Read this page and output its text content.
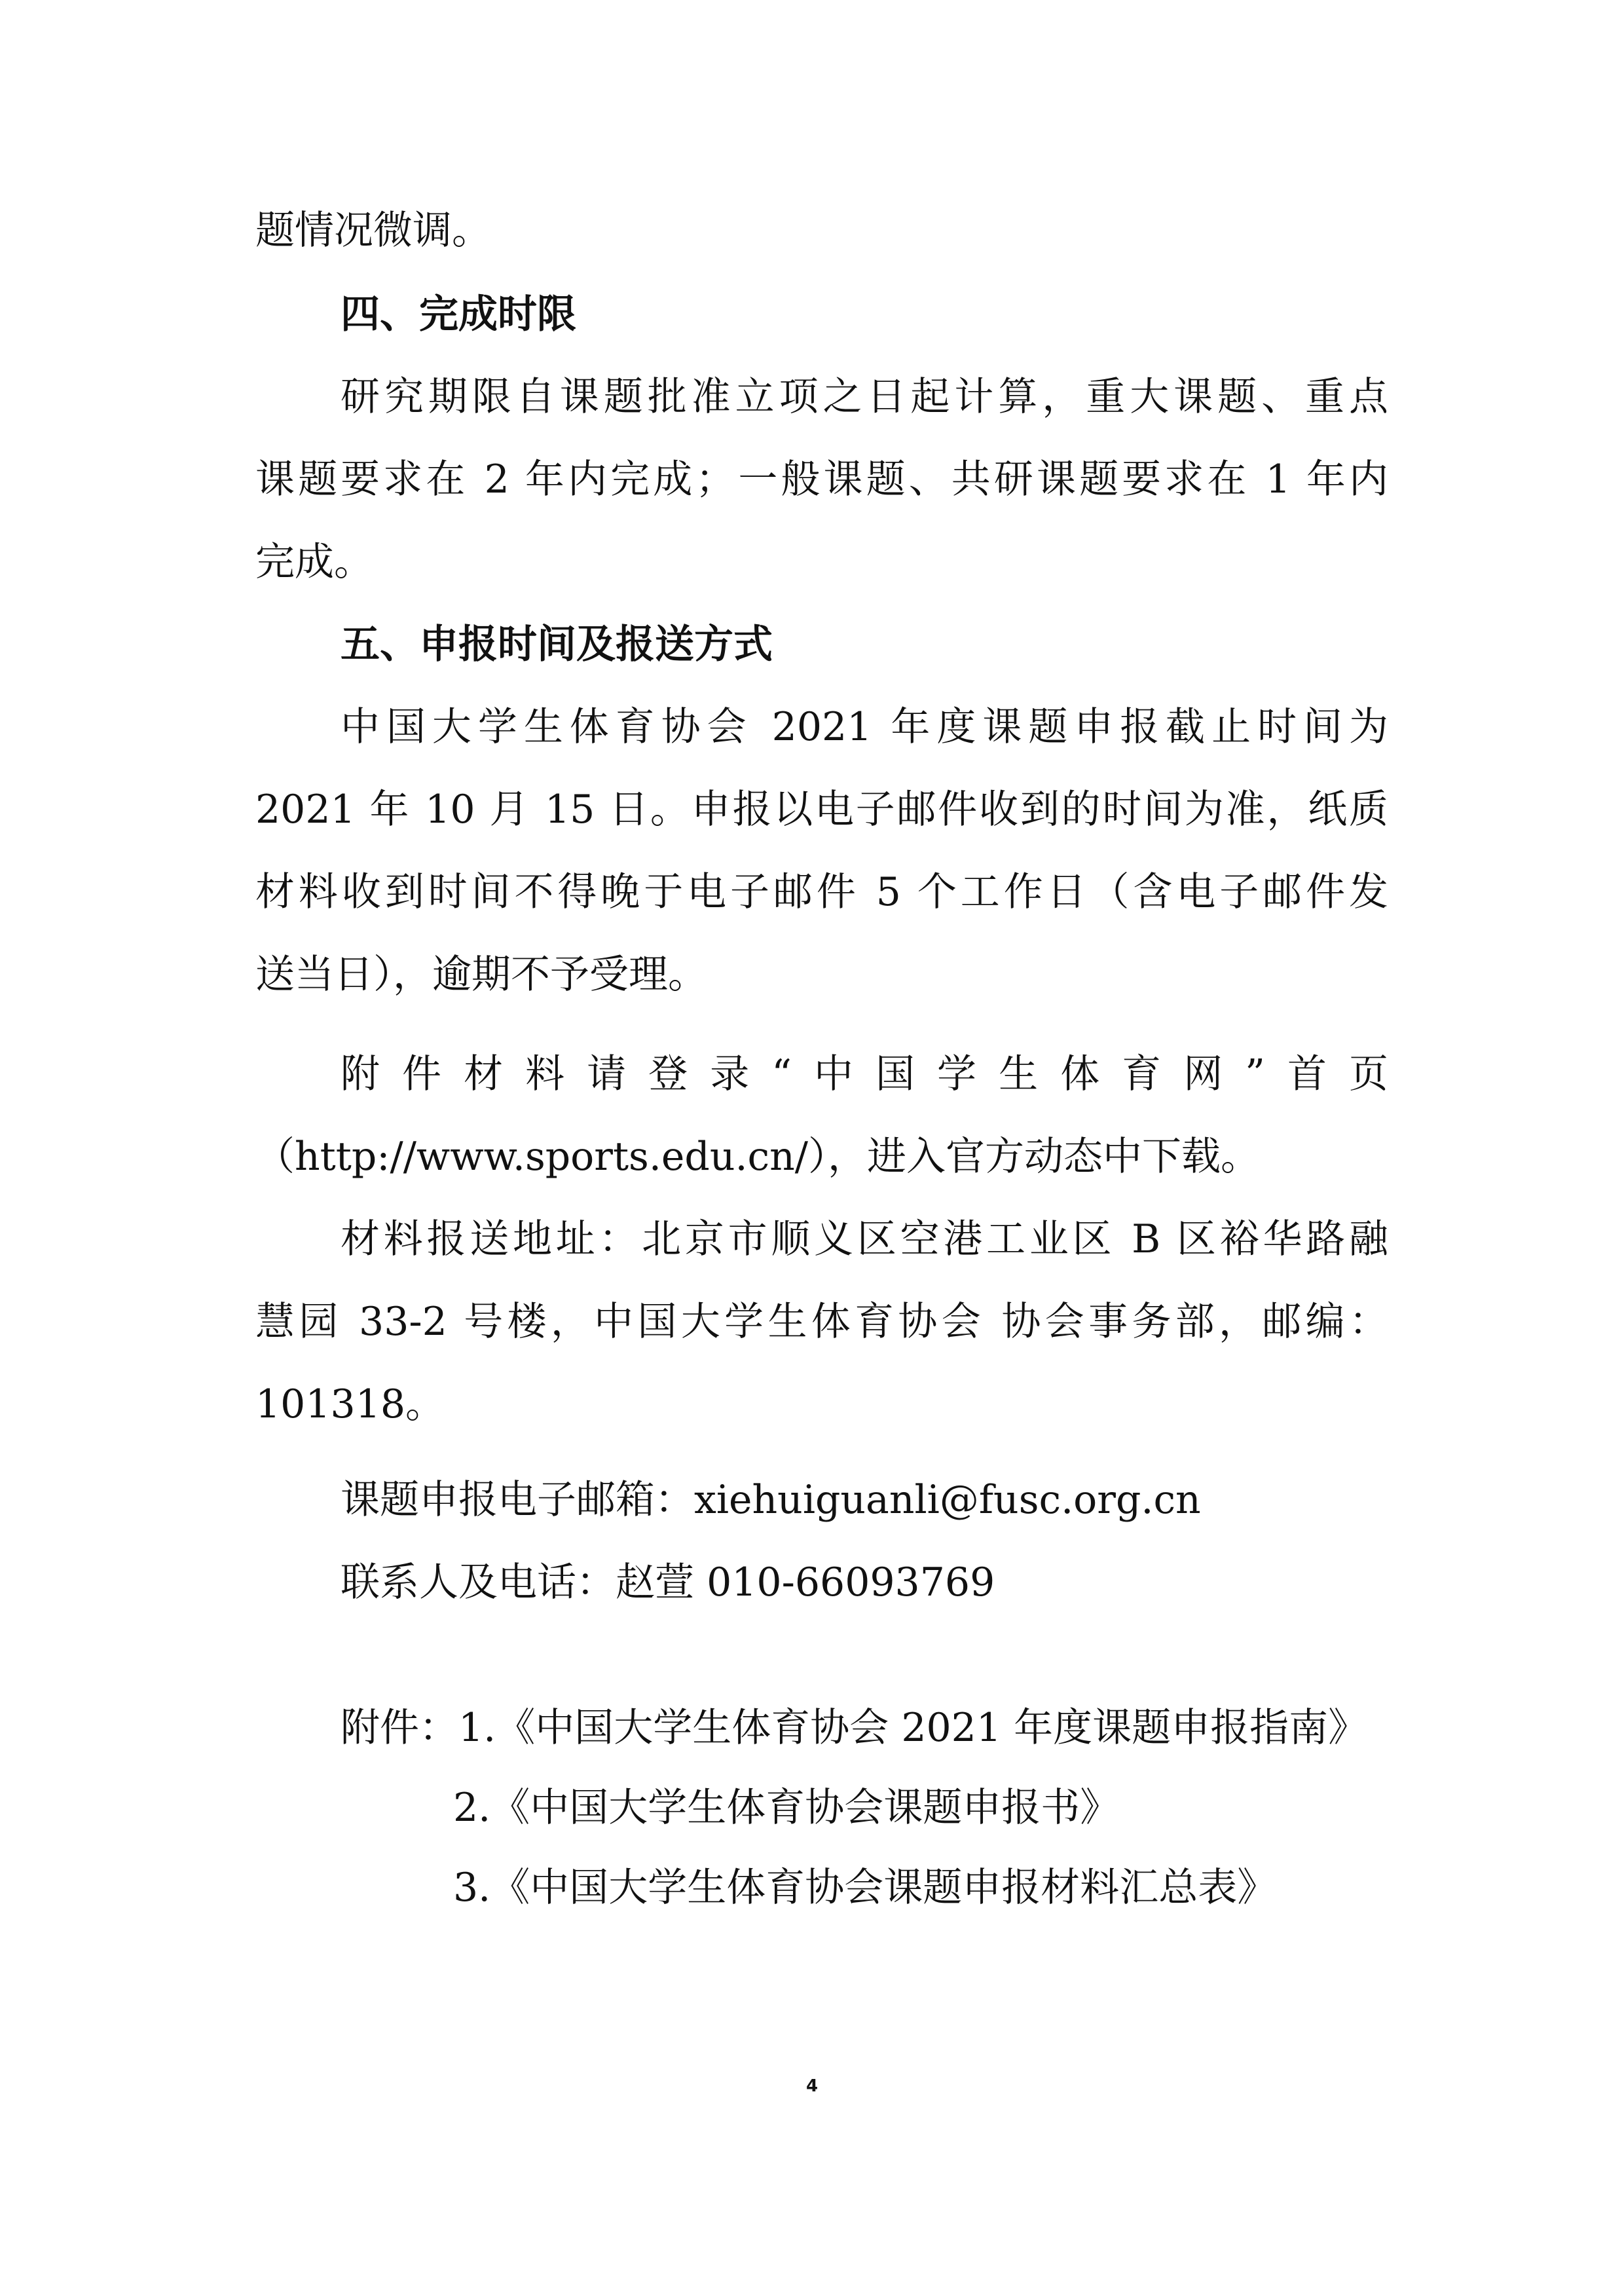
题情况微调。
四、完成时限
研究期限自课题批准立项之日起计算，重大课题、重点
课题要求在 2 年内完成；一般课题、共研课题要求在 1 年内
完成。
五、申报时间及报送方式
中国大学生体育协会 2021 年度课题申报截止时间为
2021 年 10 月 15 日。申报以电子邮件收到的时间为准，纸质
材料收到时间不得晚于电子邮件 5 个工作日（含电子邮件发
送当日），逾期不予受理。
附件材料请登录“中国学生体育网”首页
（http://www.sports.edu.cn/），进入官方动态中下载。
材料报送地址：北京市顺义区空港工业区 B 区裕华路融
慧园 33-2 号楼，中国大学生体育协会 协会事务部，邮编：
101318。
课题申报电子邮箱：xiehuiguanli@fusc.org.cn
联系人及电话：赵萱 010-66093769
附件：1.《中国大学生体育协会 2021 年度课题申报指南》
2.《中国大学生体育协会课题申报书》
3.《中国大学生体育协会课题申报材料汇总表》
4
